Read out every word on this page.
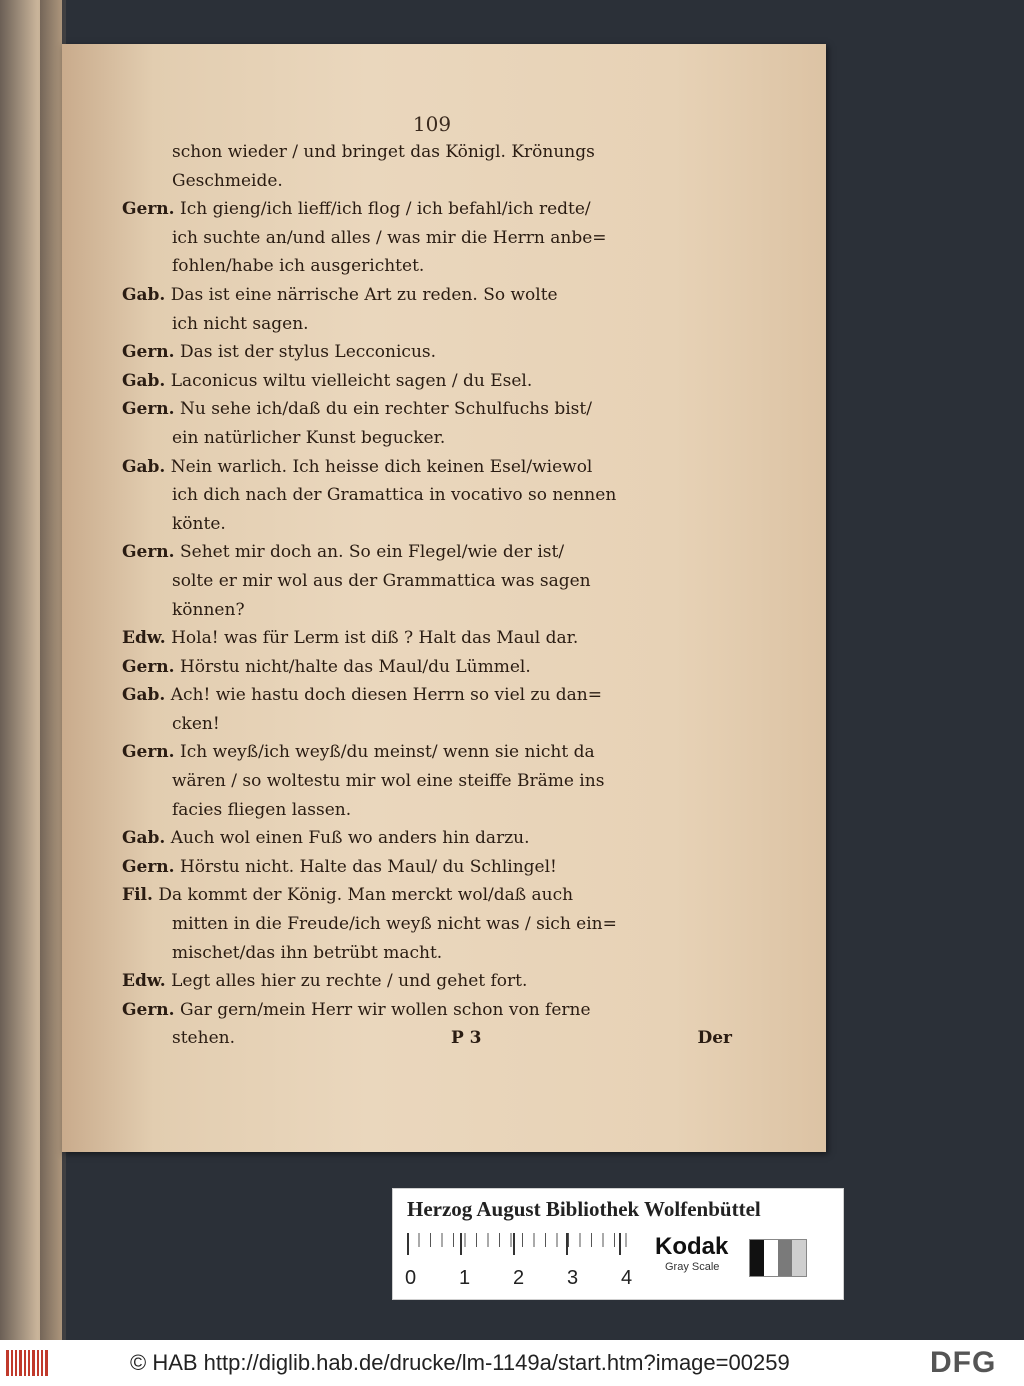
109
schon wieder / und bringet das Königl. Krönungs
Geschmeide.
Gern. Ich gieng/ich lieff/ich flog / ich befahl/ich redte/
ich suchte an/und alles / was mir die Herrn anbe=
fohlen/habe ich ausgerichtet.
Gab. Das ist eine närrische Art zu reden. So wolte
ich nicht sagen.
Gern. Das ist der stylus Lecconicus.
Gab. Laconicus wiltu vielleicht sagen / du Esel.
Gern. Nu sehe ich/daß du ein rechter Schulfuchs bist/
ein natürlicher Kunst begucker.
Gab. Nein warlich. Ich heisse dich keinen Esel/wiewol
ich dich nach der Gramattica in vocativo so nennen
könte.
Gern. Sehet mir doch an. So ein Flegel/wie der ist/
solte er mir wol aus der Grammattica was sagen
können?
Edw. Hola! was für Lerm ist diß ? Halt das Maul dar.
Gern. Hörstu nicht/halte das Maul/du Lümmel.
Gab. Ach! wie hastu doch diesen Herrn so viel zu dan=
cken!
Gern. Ich weyß/ich weyß/du meinst/ wenn sie nicht da
wären / so woltestu mir wol eine steiffe Bräme ins
facies fliegen lassen.
Gab. Auch wol einen Fuß wo anders hin darzu.
Gern. Hörstu nicht. Halte das Maul/ du Schlingel!
Fil. Da kommt der König. Man merckt wol/daß auch
mitten in die Freude/ich weyß nicht was / sich ein=
mischet/das ihn betrübt macht.
Edw. Legt alles hier zu rechte / und gehet fort.
Gern. Gar gern/mein Herr wir wollen schon von ferne
stehen.	P 3	Der
Herzog August Bibliothek Wolfenbüttel
0 1 2 3 4
Kodak
Gray Scale
© HAB http://diglib.hab.de/drucke/lm-1149a/start.htm?image=00259	DFG
